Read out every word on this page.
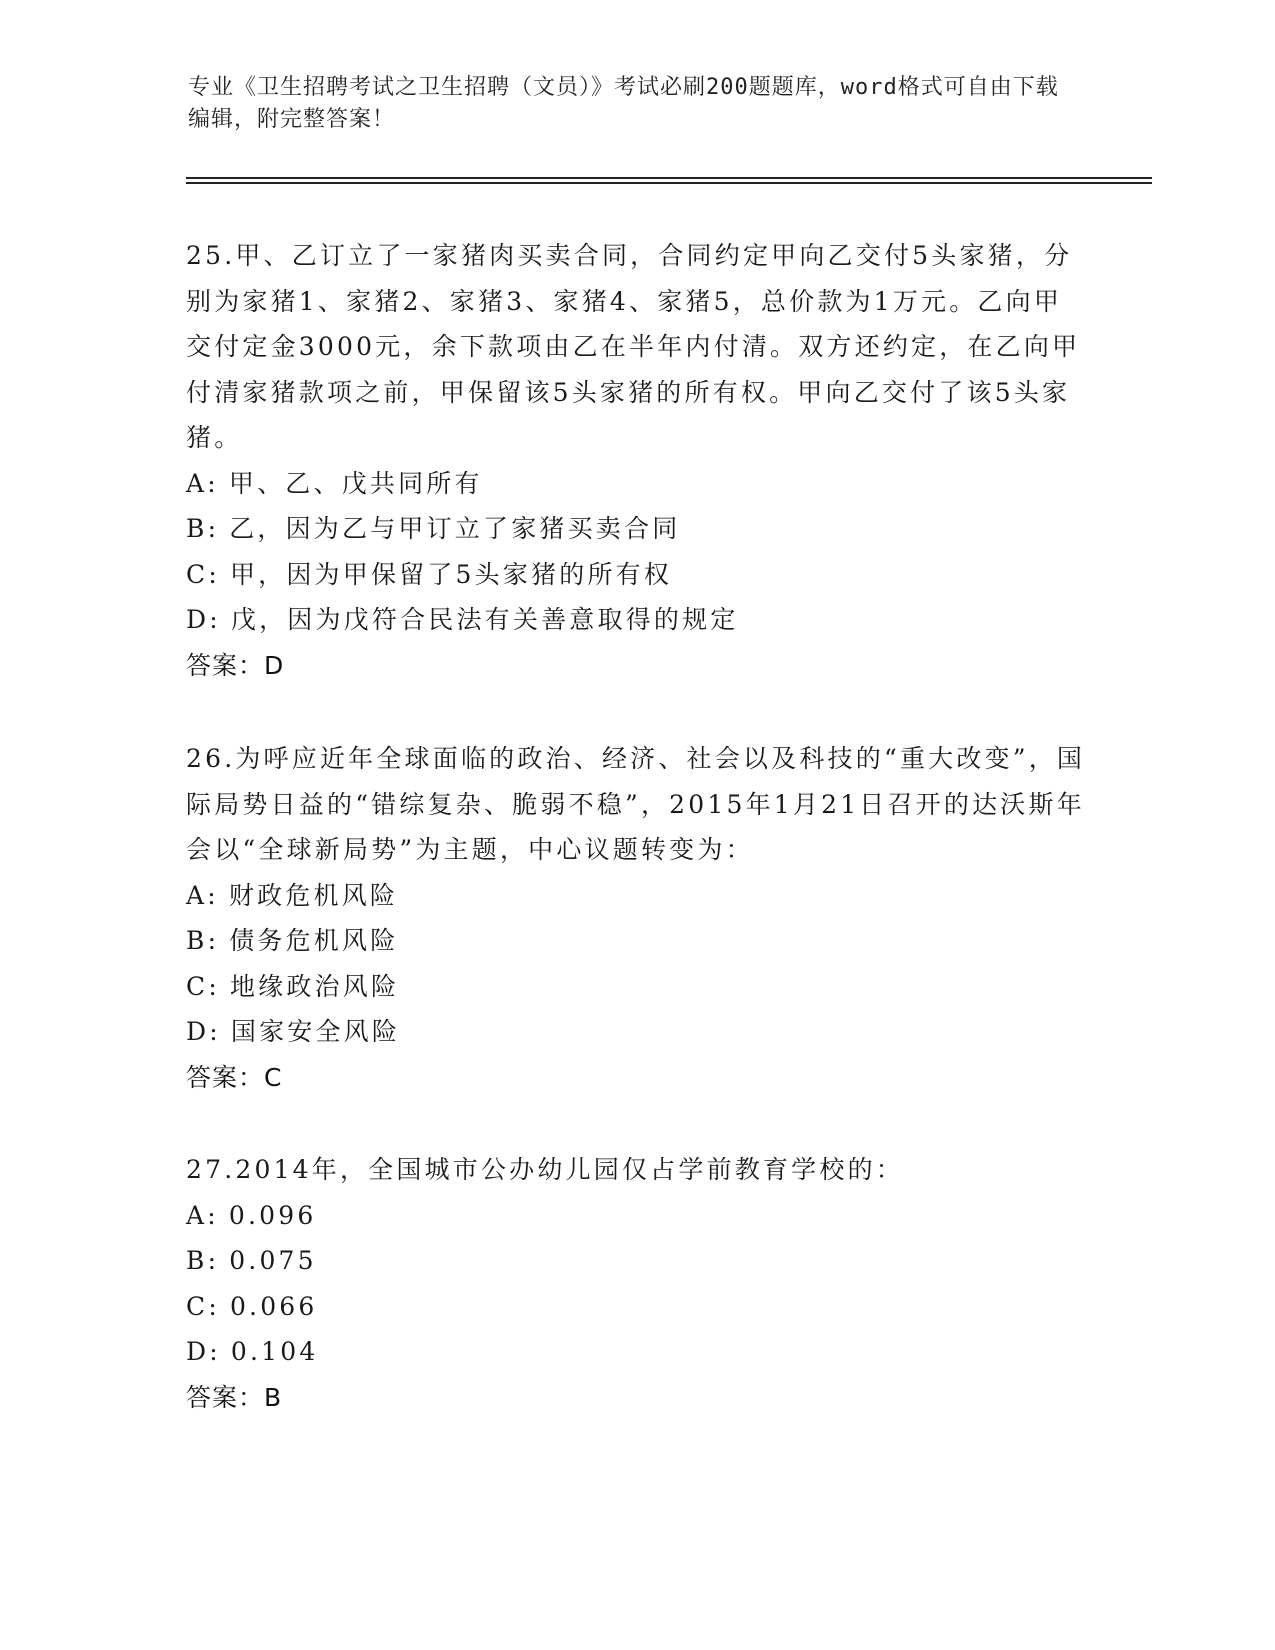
专业《卫生招聘考试之卫生招聘（文员）》考试必刷200题题库，word格式可自由下载编辑，附完整答案！

25.甲、乙订立了一家猪肉买卖合同，合同约定甲向乙交付5头家猪，分别为家猪1、家猪2、家猪3、家猪4、家猪5，总价款为1万元。乙向甲交付定金3000元，余下款项由乙在半年内付清。双方还约定，在乙向甲付清家猪款项之前，甲保留该5头家猪的所有权。甲向乙交付了该5头家猪。

A: 甲、乙、戊共同所有

B: 乙，因为乙与甲订立了家猪买卖合同

C: 甲，因为甲保留了5头家猪的所有权

D: 戊，因为戊符合民法有关善意取得的规定

答案：D

26.为呼应近年全球面临的政治、经济、社会以及科技的“重大改变”，国际局势日益的“错综复杂、脆弱不稳”，2015年1月21日召开的达沃斯年会以“全球新局势”为主题，中心议题转变为：

A: 财政危机风险

B: 债务危机风险

C: 地缘政治风险

D: 国家安全风险

答案：C

27.2014年，全国城市公办幼儿园仅占学前教育学校的：

A: 0.096

B: 0.075

C: 0.066

D: 0.104

答案：B
